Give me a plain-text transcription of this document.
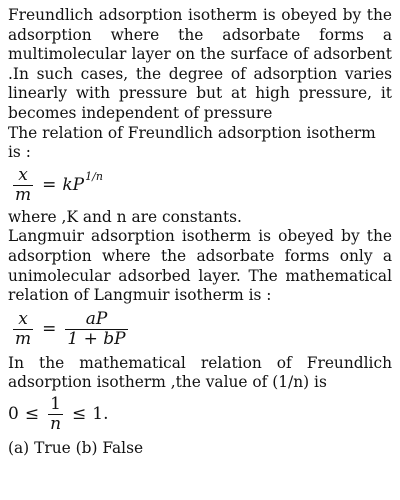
Freundlich adsorption isotherm is obeyed by the adsorption where the adsorbate forms a multimolecular layer on the surface of adsorbent .In such cases, the degree of adsorption varies linearly with pressure but at high pressure, it becomes independent of pressure

The relation of Freundlich adsorption isotherm is :

$\frac{x}{m}$ = kP 1/n

where ,K and n are constants.

Langmuir adsorption isotherm is obeyed by the adsorption where the adsorbate forms only a unimolecular adsorbed layer. The mathematical relation of Langmuir isotherm is :

$\frac{x}{m} = \frac{aP}{1 + bP}$

In the mathematical relation of Freundlich adsorption isotherm ,the value of (1/n) is

$0 \le \frac{1}{n} \le 1$.

(a) True (b) False
